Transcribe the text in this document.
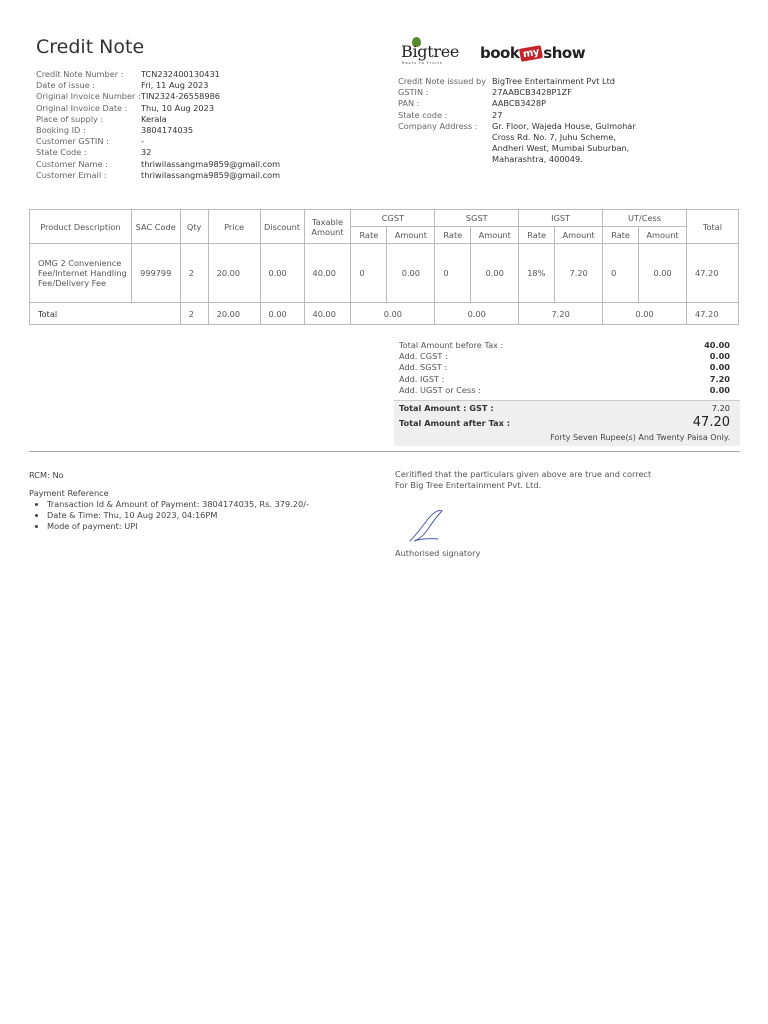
Credit Note
Credit Note Number :	TCN232400130431
Date of issue :	Fri, 11 Aug 2023
Original Invoice Number : TIN2324-26558986
Original Invoice Date :	Thu, 10 Aug 2023
Place of supply :	Kerala
Booking ID :	3804174035
Customer GSTIN :	-
State Code :	32
Customer Name :	thriwilassangma9859@gmail.com
Customer Email :	thriwilassangma9859@gmail.com
Bigtree
Roots to Fruits
book my show
Credit Note issued by BigTree Entertainment Pvt Ltd
GSTIN :	27AABCB3428P1ZF
PAN :	AABCB3428P
State code :	27
Company Address :	Gr. Floor, Wajeda House, Gulmohar Cross Rd. No. 7, Juhu Scheme, Andheri West, Mumbai Suburban, Maharashtra, 400049.
Product Description	SAC Code	Qty	Price	Discount	Taxable Amount	CGST		SGST		IGST		UT/Cess		Total
						Rate	Amount	Rate	Amount	Rate	Amount	Rate	Amount	
OMG 2 Convenience Fee/Internet Handling Fee/Delivery Fee	999799	2	20.00	0.00	40.00	0	0.00	0	0.00	18%	7.20	0	0.00	47.20
Total		2	20.00	0.00	40.00	0.00		0.00		7.20		0.00		47.20
Total Amount before Tax :	40.00
Add. CGST :	0.00
Add. SGST :	0.00
Add. IGST :	7.20
Add. UGST or Cess :	0.00
Total Amount : GST :	7.20
Total Amount after Tax :	47.20
Forty Seven Rupee(s) And Twenty Paisa Only.
RCM: No
Payment Reference
• Transaction Id & Amount of Payment: 3804174035, Rs. 379.20/-
• Date & Time: Thu, 10 Aug 2023, 04:16PM
• Mode of payment: UPI
Ceritified that the particulars given above are true and correct
For Big Tree Entertainment Pvt. Ltd.
Authorised signatory
